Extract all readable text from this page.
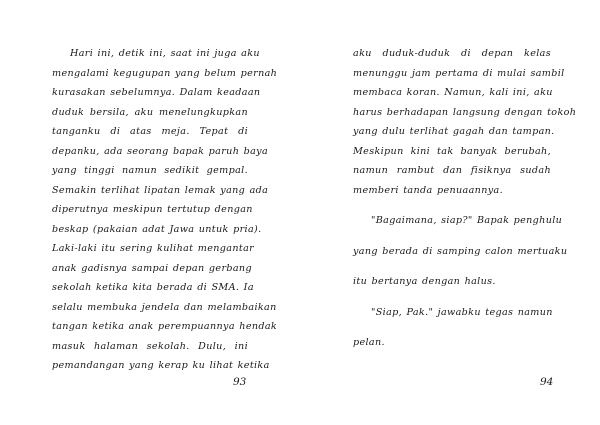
Hari ini, detik ini, saat ini juga aku
mengalami kegugupan yang belum pernah
kurasakan sebelumnya. Dalam keadaan
duduk bersila, aku menelungkupkan
tanganku di atas meja. Tepat di
depanku, ada seorang bapak paruh baya
yang tinggi namun sedikit gempal.
Semakin terlihat lipatan lemak yang ada
diperutnya meskipun tertutup dengan
beskap (pakaian adat Jawa untuk pria).
Laki-laki itu sering kulihat mengantar
anak gadisnya sampai depan gerbang
sekolah ketika kita berada di SMA. Ia
selalu membuka jendela dan melambaikan
tangan ketika anak perempuannya hendak
masuk halaman sekolah. Dulu, ini
pemandangan yang kerap ku lihat ketika
93
aku duduk-duduk di depan kelas
menunggu jam pertama di mulai sambil
membaca koran. Namun, kali ini, aku
harus berhadapan langsung dengan tokoh
yang dulu terlihat gagah dan tampan.
Meskipun kini tak banyak berubah,
namun rambut dan fisiknya sudah
memberi tanda penuaannya.
"Bagaimana, siap?" Bapak penghulu
yang berada di samping calon mertuaku
itu bertanya dengan halus.
"Siap, Pak." jawabku tegas namun
pelan.
94
